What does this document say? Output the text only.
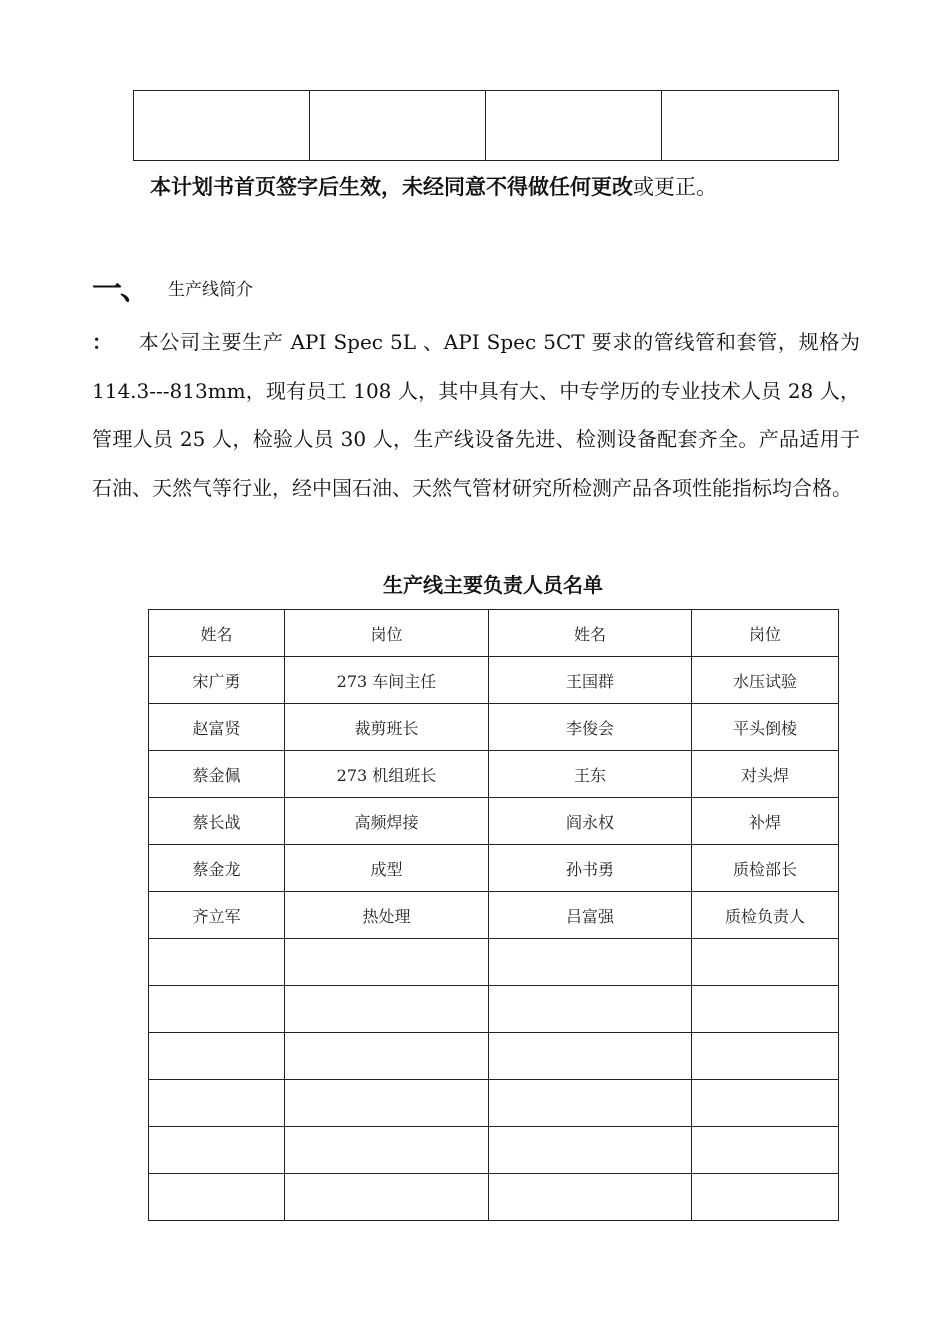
本计划书首页签字后生效，未经同意不得做任何更改或更正。
一、 生产线简介
： 本公司主要生产 API Spec 5L 、API Spec 5CT 要求的管线管和套管，规格为 114.3---813mm，现有员工 108 人，其中具有大、中专学历的专业技术人员 28 人，管理人员 25 人，检验人员 30 人，生产线设备先进、检测设备配套齐全。产品适用于石油、天然气等行业，经中国石油、天然气管材研究所检测产品各项性能指标均合格。
生产线主要负责人员名单
姓名	岗位	姓名	岗位
宋广勇	273 车间主任	王国群	水压试验
赵富贤	裁剪班长	李俊会	平头倒棱
蔡金佩	273 机组班长	王东	对头焊
蔡长战	高频焊接	阎永权	补焊
蔡金龙	成型	孙书勇	质检部长
齐立军	热处理	吕富强	质检负责人
